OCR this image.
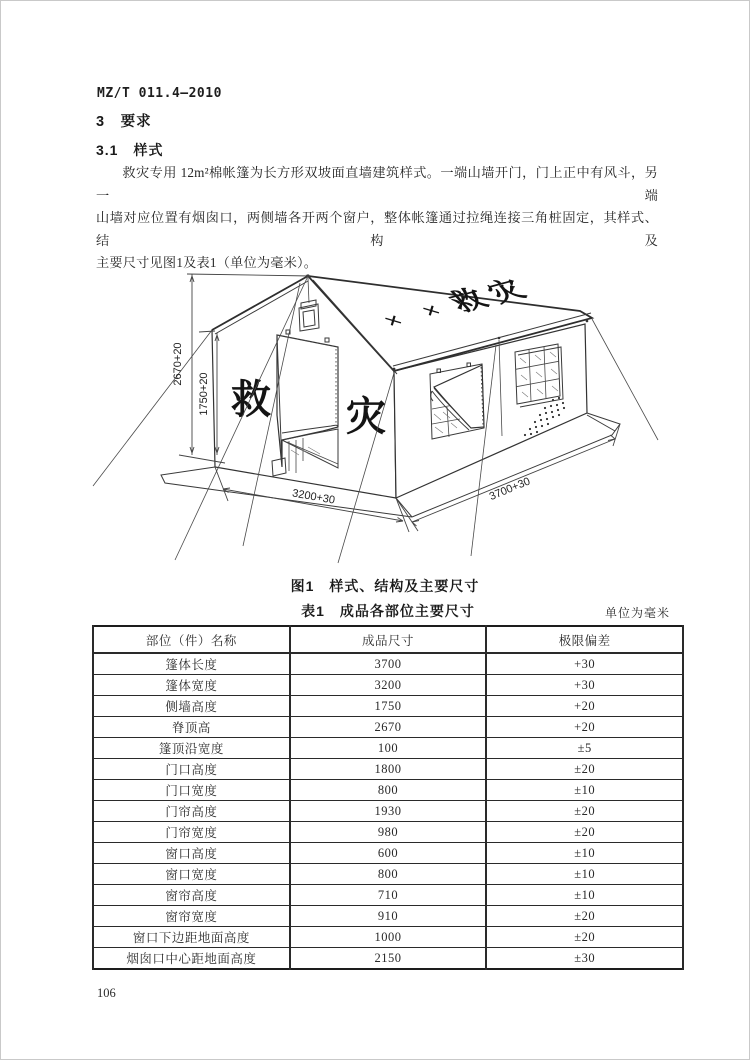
MZ/T 011.4—2010
3　要求
3.1　样式
救灾专用 12m²棉帐篷为长方形双坡面直墙建筑样式。一端山墙开门，门上正中有风斗，另一端
山墙对应位置有烟囱口，两侧墙各开两个窗户，整体帐篷通过拉绳连接三角桩固定，其样式、结构及
主要尺寸见图1及表1（单位为毫米）。
× ×
救
灾
救 灾
2670+20
1750+20
3200+30	3700+30
图1　样式、结构及主要尺寸
表1　成品各部位主要尺寸	单位为毫米
部位（件）名称	成品尺寸	极限偏差
篷体长度	3700	+30
篷体宽度	3200	+30
侧墙高度	1750	+20
脊顶高	2670	+20
篷顶沿宽度	100	±5
门口高度	1800	±20
门口宽度	800	±10
门帘高度	1930	±20
门帘宽度	980	±20
窗口高度	600	±10
窗口宽度	800	±10
窗帘高度	710	±10
窗帘宽度	910	±20
窗口下边距地面高度	1000	±20
烟囱口中心距地面高度	2150	±30
106
